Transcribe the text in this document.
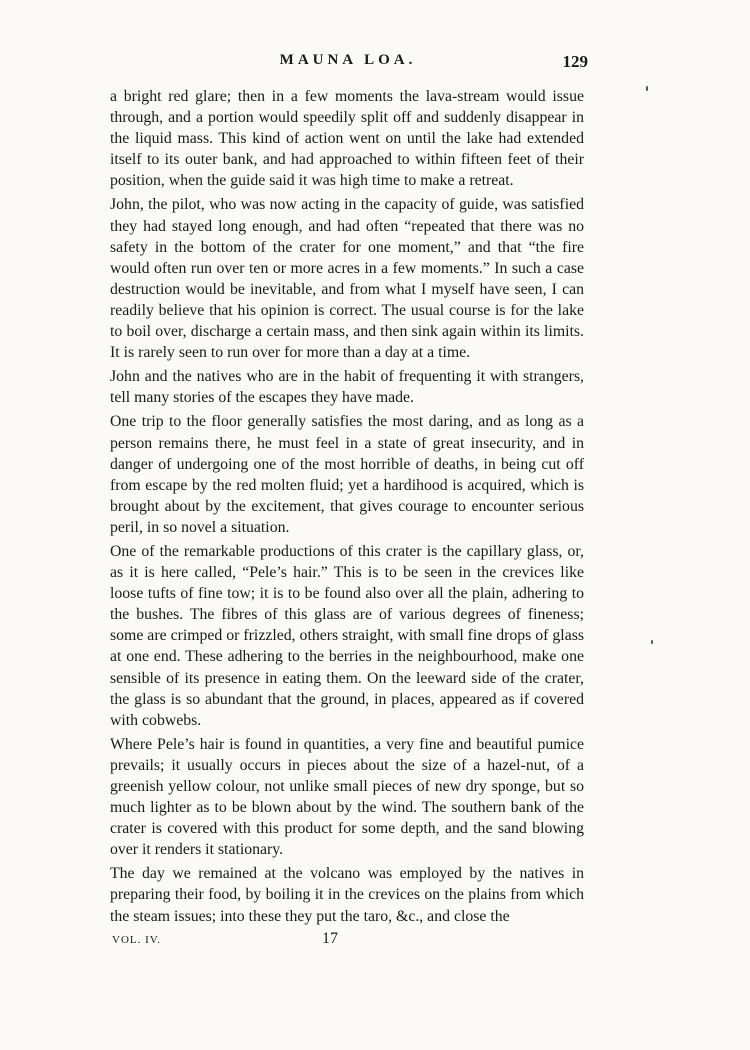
MAUNA LOA.	129

a bright red glare; then in a few moments the lava-stream would issue through, and a portion would speedily split off and suddenly disappear in the liquid mass. This kind of action went on until the lake had extended itself to its outer bank, and had approached to within fifteen feet of their position, when the guide said it was high time to make a retreat.

John, the pilot, who was now acting in the capacity of guide, was satisfied they had stayed long enough, and had often “repeated that there was no safety in the bottom of the crater for one moment,” and that “the fire would often run over ten or more acres in a few moments.” In such a case destruction would be inevitable, and from what I myself have seen, I can readily believe that his opinion is correct. The usual course is for the lake to boil over, discharge a certain mass, and then sink again within its limits. It is rarely seen to run over for more than a day at a time.

John and the natives who are in the habit of frequenting it with strangers, tell many stories of the escapes they have made.

One trip to the floor generally satisfies the most daring, and as long as a person remains there, he must feel in a state of great insecurity, and in danger of undergoing one of the most horrible of deaths, in being cut off from escape by the red molten fluid; yet a hardihood is acquired, which is brought about by the excitement, that gives courage to encounter serious peril, in so novel a situation.

One of the remarkable productions of this crater is the capillary glass, or, as it is here called, “Pele’s hair.” This is to be seen in the crevices like loose tufts of fine tow; it is to be found also over all the plain, adhering to the bushes. The fibres of this glass are of various degrees of fineness; some are crimped or frizzled, others straight, with small fine drops of glass at one end. These adhering to the berries in the neighbourhood, make one sensible of its presence in eating them. On the leeward side of the crater, the glass is so abundant that the ground, in places, appeared as if covered with cobwebs.

Where Pele’s hair is found in quantities, a very fine and beautiful pumice prevails; it usually occurs in pieces about the size of a hazel-nut, of a greenish yellow colour, not unlike small pieces of new dry sponge, but so much lighter as to be blown about by the wind. The southern bank of the crater is covered with this product for some depth, and the sand blowing over it renders it stationary.

The day we remained at the volcano was employed by the natives in preparing their food, by boiling it in the crevices on the plains from which the steam issues; into these they put the taro, &c., and close the

VOL. IV.	17
